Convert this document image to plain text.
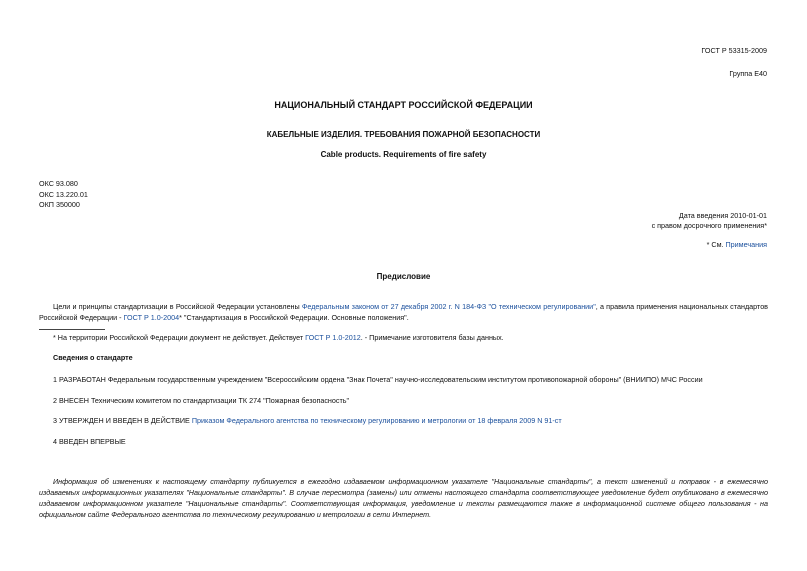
ГОСТ Р 53315-2009
Группа Е40
НАЦИОНАЛЬНЫЙ СТАНДАРТ РОССИЙСКОЙ ФЕДЕРАЦИИ
КАБЕЛЬНЫЕ ИЗДЕЛИЯ. ТРЕБОВАНИЯ ПОЖАРНОЙ БЕЗОПАСНОСТИ
Cable products. Requirements of fire safety
ОКС 93.080
ОКС 13.220.01
ОКП 350000
Дата введения 2010-01-01
с правом досрочного применения*
* См. Примечания
Предисловие
Цели и принципы стандартизации в Российской Федерации установлены Федеральным законом от 27 декабря 2002 г. N 184-ФЗ "О техническом регулировании", а правила применения национальных стандартов Российской Федерации - ГОСТ Р 1.0-2004* "Стандартизация в Российской Федерации. Основные положения".
* На территории Российской Федерации документ не действует. Действует ГОСТ Р 1.0-2012. - Примечание изготовителя базы данных.
Сведения о стандарте
1 РАЗРАБОТАН Федеральным государственным учреждением "Всероссийским ордена "Знак Почета" научно-исследовательским институтом противопожарной обороны" (ВНИИПО) МЧС России
2 ВНЕСЕН Техническим комитетом по стандартизации ТК 274 "Пожарная безопасность"
3 УТВЕРЖДЕН И ВВЕДЕН В ДЕЙСТВИЕ Приказом Федерального агентства по техническому регулированию и метрологии от 18 февраля 2009 N 91-ст
4 ВВЕДЕН ВПЕРВЫЕ
Информация об изменениях к настоящему стандарту публикуется в ежегодно издаваемом информационном указателе "Национальные стандарты", а текст изменений и поправок - в ежемесячно издаваемых информационных указателях "Национальные стандарты". В случае пересмотра (замены) или отмены настоящего стандарта соответствующее уведомление будет опубликовано в ежемесячно издаваемом информационном указателе "Национальные стандарты". Соответствующая информация, уведомление и тексты размещаются также в информационной системе общего пользования - на официальном сайте Федерального агентства по техническому регулированию и метрологии в сети Интернет.
